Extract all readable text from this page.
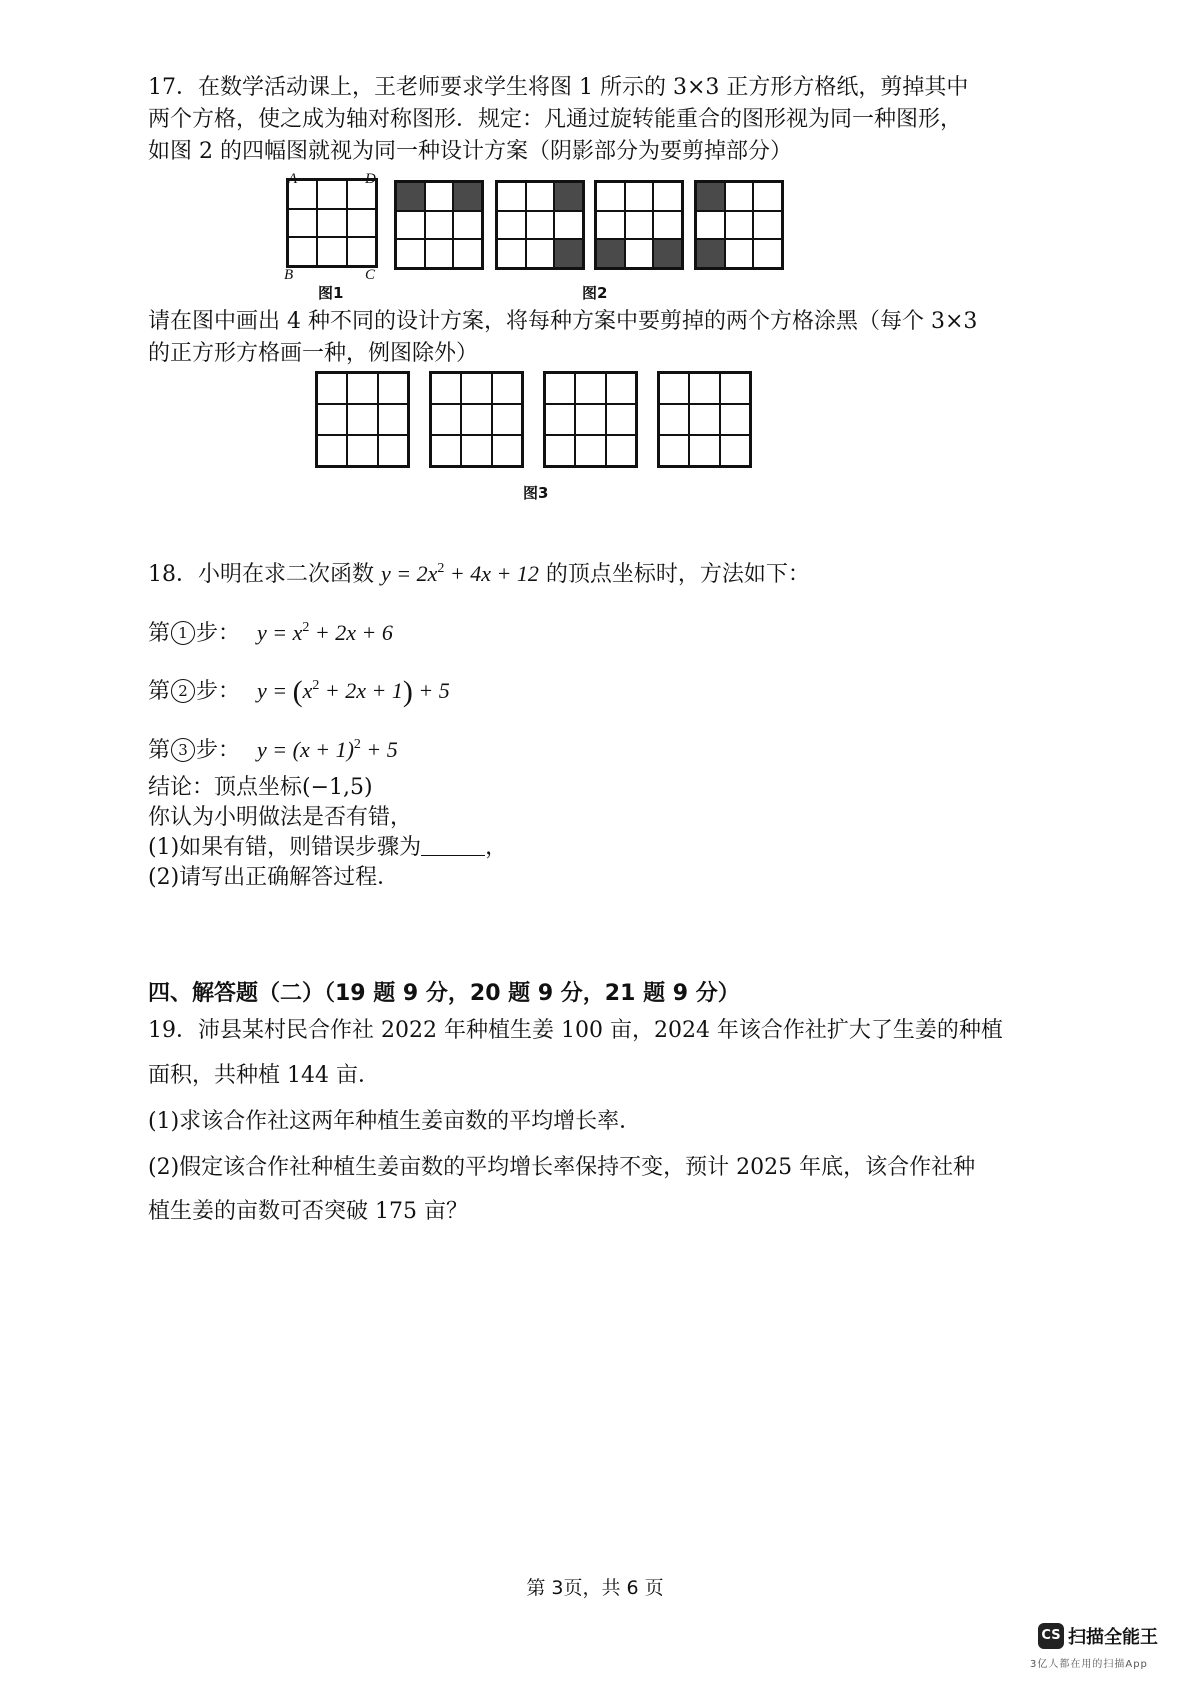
17．在数学活动课上，王老师要求学生将图 1 所示的 3×3 正方形方格纸，剪掉其中
两个方格，使之成为轴对称图形．规定：凡通过旋转能重合的图形视为同一种图形，
如图 2 的四幅图就视为同一种设计方案（阴影部分为要剪掉部分）
A	D
B	C
图1	图2
请在图中画出 4 种不同的设计方案，将每种方案中要剪掉的两个方格涂黑（每个 3×3
的正方形方格画一种，例图除外）
图3
18．小明在求二次函数 $y = 2x^2 + 4x + 12$ 的顶点坐标时，方法如下：
第 1 步： $y = x^2 + 2x + 6$
第 2 步： $y = (x^2 + 2x + 1) + 5$
第 3 步： $y = (x + 1)^2 + 5$
结论：顶点坐标(−1,5)
你认为小明做法是否有错，
(1)如果有错，则错误步骤为	，
(2)请写出正确解答过程．
四、解答题（二）（19 题 9 分，20 题 9 分，21 题 9 分）
19．沛县某村民合作社 2022 年种植生姜 100 亩，2024 年该合作社扩大了生姜的种植
面积，共种植 144 亩．
(1)求该合作社这两年种植生姜亩数的平均增长率．
(2)假定该合作社种植生姜亩数的平均增长率保持不变，预计 2025 年底，该合作社种
植生姜的亩数可否突破 175 亩？
第 3页，共 6 页
CS 扫描全能王
3亿人都在用的扫描App
